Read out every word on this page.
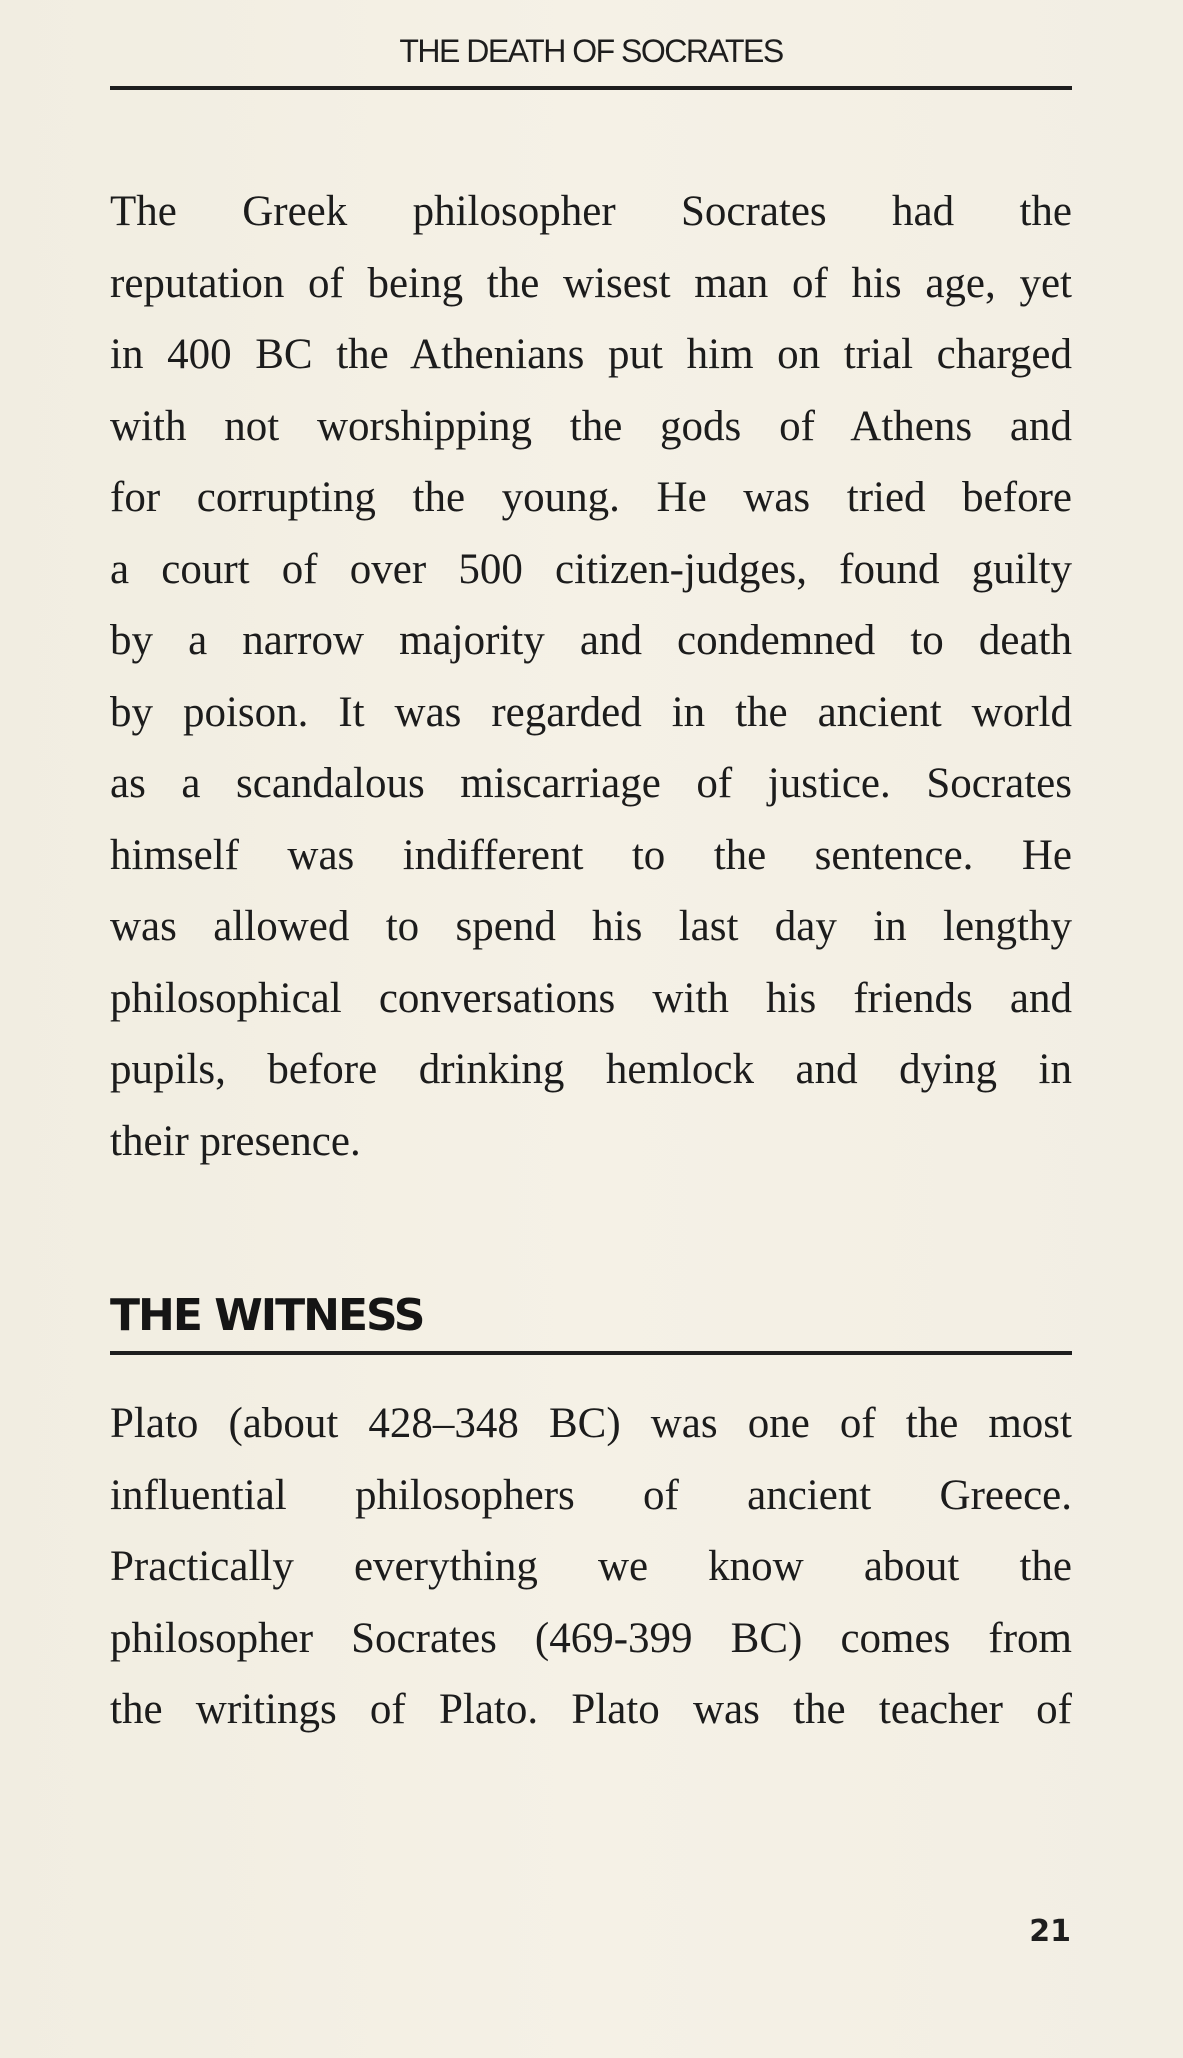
THE DEATH OF SOCRATES
The Greek philosopher Socrates had the
reputation of being the wisest man of his age, yet
in 400 BC the Athenians put him on trial charged
with not worshipping the gods of Athens and
for corrupting the young. He was tried before
a court of over 500 citizen-judges, found guilty
by a narrow majority and condemned to death
by poison. It was regarded in the ancient world
as a scandalous miscarriage of justice. Socrates
himself was indifferent to the sentence. He
was allowed to spend his last day in lengthy
philosophical conversations with his friends and
pupils, before drinking hemlock and dying in
their presence.
THE WITNESS
Plato (about 428–348 BC) was one of the most
influential philosophers of ancient Greece.
Practically everything we know about the
philosopher Socrates (469-399 BC) comes from
the writings of Plato. Plato was the teacher of
21
